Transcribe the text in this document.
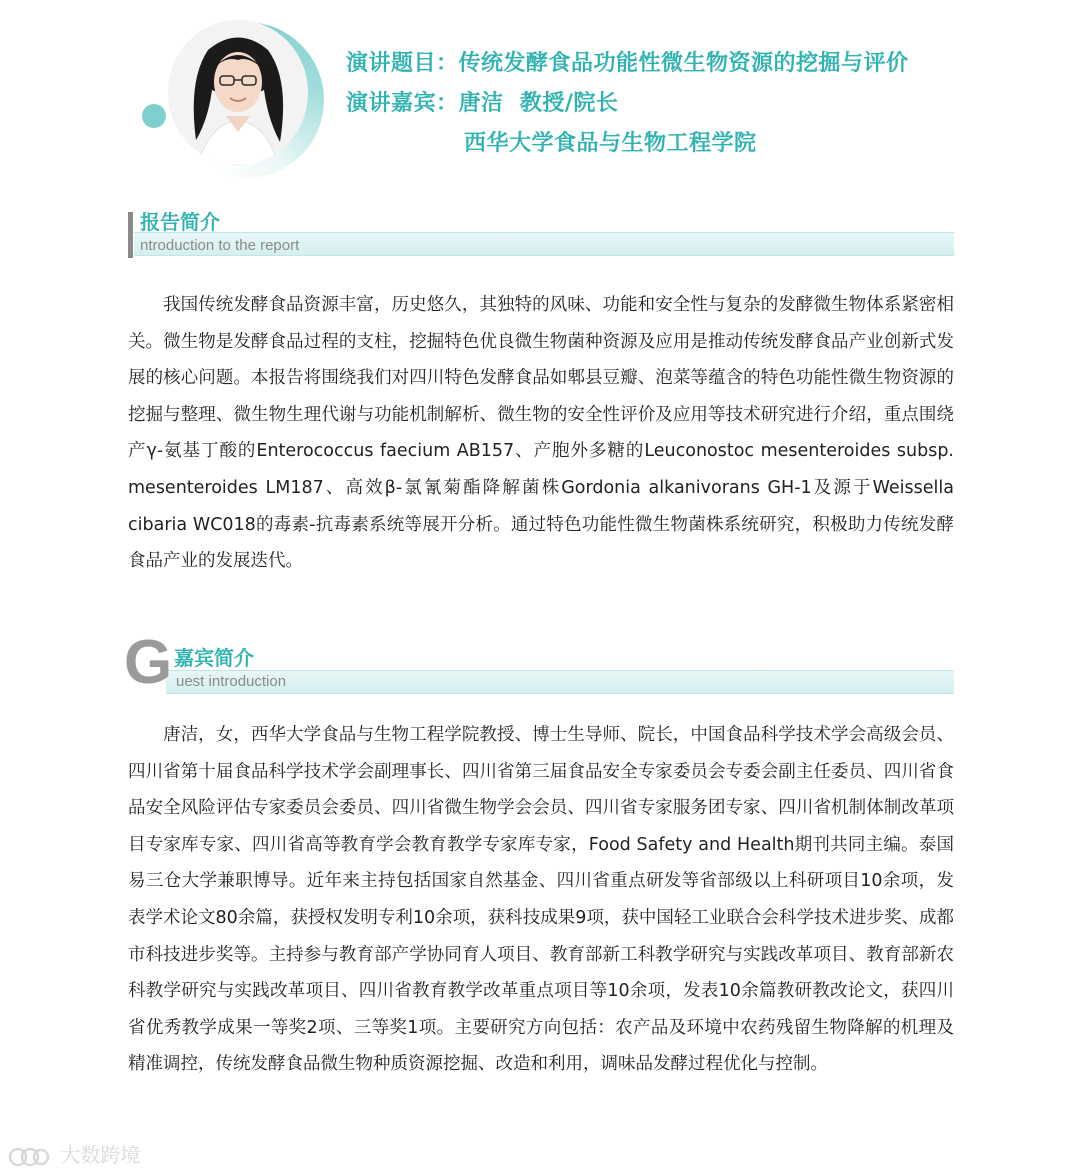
演讲题目：传统发酵食品功能性微生物资源的挖掘与评价
演讲嘉宾：唐洁  教授/院长
西华大学食品与生物工程学院
报告简介
ntroduction to the report
我国传统发酵食品资源丰富，历史悠久，其独特的风味、功能和安全性与复杂的发酵微生物体系紧密相关。微生物是发酵食品过程的支柱，挖掘特色优良微生物菌种资源及应用是推动传统发酵食品产业创新式发展的核心问题。本报告将围绕我们对四川特色发酵食品如郫县豆瓣、泡菜等蕴含的特色功能性微生物资源的挖掘与整理、微生物生理代谢与功能机制解析、微生物的安全性评价及应用等技术研究进行介绍，重点围绕产γ-氨基丁酸的Enterococcus faecium AB157、产胞外多糖的Leuconostoc mesenteroides subsp. mesenteroides LM187、高效β-氯氰菊酯降解菌株Gordonia alkanivorans GH-1及源于Weissella cibaria WC018的毒素-抗毒素系统等展开分析。通过特色功能性微生物菌株系统研究，积极助力传统发酵食品产业的发展迭代。
G 嘉宾简介
uest introduction
唐洁，女，西华大学食品与生物工程学院教授、博士生导师、院长，中国食品科学技术学会高级会员、四川省第十届食品科学技术学会副理事长、四川省第三届食品安全专家委员会专委会副主任委员、四川省食品安全风险评估专家委员会委员、四川省微生物学会会员、四川省专家服务团专家、四川省机制体制改革项目专家库专家、四川省高等教育学会教育教学专家库专家，Food Safety and Health期刊共同主编。泰国易三仓大学兼职博导。近年来主持包括国家自然基金、四川省重点研发等省部级以上科研项目10余项，发表学术论文80余篇，获授权发明专利10余项，获科技成果9项，获中国轻工业联合会科学技术进步奖、成都市科技进步奖等。主持参与教育部产学协同育人项目、教育部新工科教学研究与实践改革项目、教育部新农科教学研究与实践改革项目、四川省教育教学改革重点项目等10余项，发表10余篇教研教改论文，获四川省优秀教学成果一等奖2项、三等奖1项。主要研究方向包括：农产品及环境中农药残留生物降解的机理及精准调控，传统发酵食品微生物种质资源挖掘、改造和利用，调味品发酵过程优化与控制。
大数跨境
